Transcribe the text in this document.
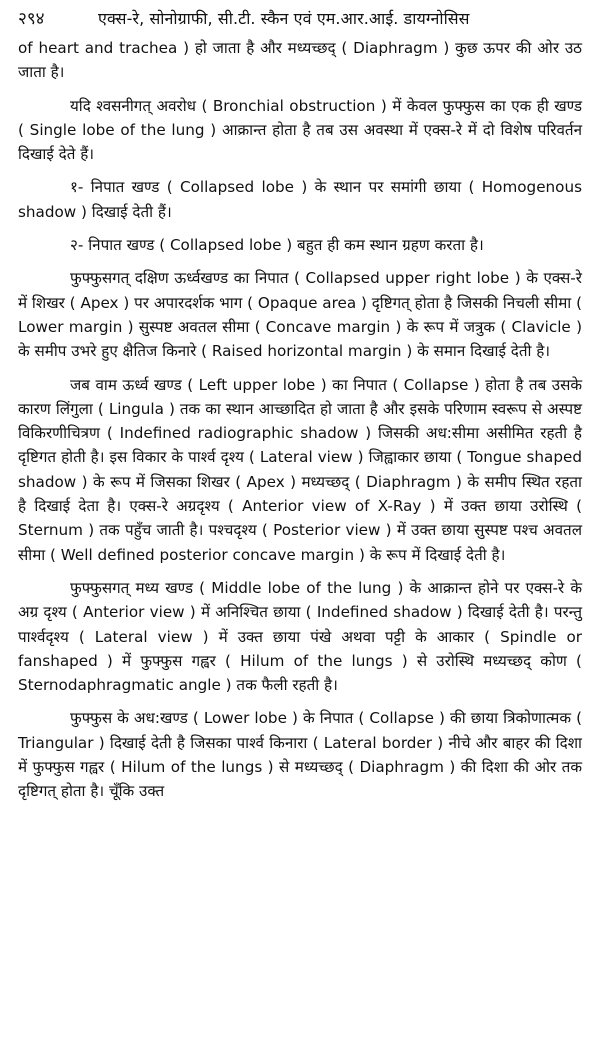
२९४	एक्स-रे, सोनोग्राफी, सी.टी. स्कैन एवं एम.आर.आई. डायग्नोसिस

of heart and trachea ) हो जाता है और मध्यच्छद् ( Diaphragm ) कुछ ऊपर की ओर उठ जाता है।

यदि श्वसनीगत् अवरोध ( Bronchial obstruction ) में केवल फुफ्फुस का एक ही खण्ड ( Single lobe of the lung ) आक्रान्त होता है तब उस अवस्था में एक्स-रे में दो विशेष परिवर्तन दिखाई देते हैं।

१- निपात खण्ड ( Collapsed lobe ) के स्थान पर समांगी छाया ( Homogenous shadow ) दिखाई देती हैं।

२- निपात खण्ड ( Collapsed lobe ) बहुत ही कम स्थान ग्रहण करता है।

फुफ्फुसगत् दक्षिण ऊर्ध्वखण्ड का निपात ( Collapsed upper right lobe ) के एक्स-रे में शिखर ( Apex ) पर अपारदर्शक भाग ( Opaque area ) दृष्टिगत् होता है जिसकी निचली सीमा ( Lower margin ) सुस्पष्ट अवतल सीमा ( Concave margin ) के रूप में जत्रुक ( Clavicle ) के समीप उभरे हुए क्षैतिज किनारे ( Raised horizontal margin ) के समान दिखाई देती है।

जब वाम ऊर्ध्व खण्ड ( Left upper lobe ) का निपात ( Collapse ) होता है तब उसके कारण लिंगुला ( Lingula ) तक का स्थान आच्छादित हो जाता है और इसके परिणाम स्वरूप से अस्पष्ट विकिरणीचित्रण ( Indefined radiographic shadow ) जिसकी अध:सीमा असीमित रहती है दृष्टिगत होती है। इस विकार के पार्श्व दृश्य ( Lateral view ) जिह्वाकार छाया ( Tongue shaped shadow ) के रूप में जिसका शिखर ( Apex ) मध्यच्छद् ( Diaphragm ) के समीप स्थित रहता है दिखाई देता है। एक्स-रे अग्रदृश्य ( Anterior view of X-Ray ) में उक्त छाया उरोस्थि ( Sternum ) तक पहुँच जाती है। पश्चदृश्य ( Posterior view ) में उक्त छाया सुस्पष्ट पश्च अवतल सीमा ( Well defined posterior concave margin ) के रूप में दिखाई देती है।

फुफ्फुसगत् मध्य खण्ड ( Middle lobe of the lung ) के आक्रान्त होने पर एक्स-रे के अग्र दृश्य ( Anterior view ) में अनिश्चित छाया ( Indefined shadow ) दिखाई देती है। परन्तु पार्श्वदृश्य ( Lateral view ) में उक्त छाया पंखे अथवा पट्टी के आकार ( Spindle or fanshaped ) में फुफ्फुस गह्वर ( Hilum of the lungs ) से उरोस्थि मध्यच्छद् कोण ( Sternodaphragmatic angle ) तक फैली रहती है।

फुफ्फुस के अध:खण्ड ( Lower lobe ) के निपात ( Collapse ) की छाया त्रिकोणात्मक ( Triangular ) दिखाई देती है जिसका पार्श्व किनारा ( Lateral border ) नीचे और बाहर की दिशा में फुफ्फुस गह्वर ( Hilum of the lungs ) से मध्यच्छद् ( Diaphragm ) की दिशा की ओर तक दृष्टिगत् होता है। चूँकि उक्त
